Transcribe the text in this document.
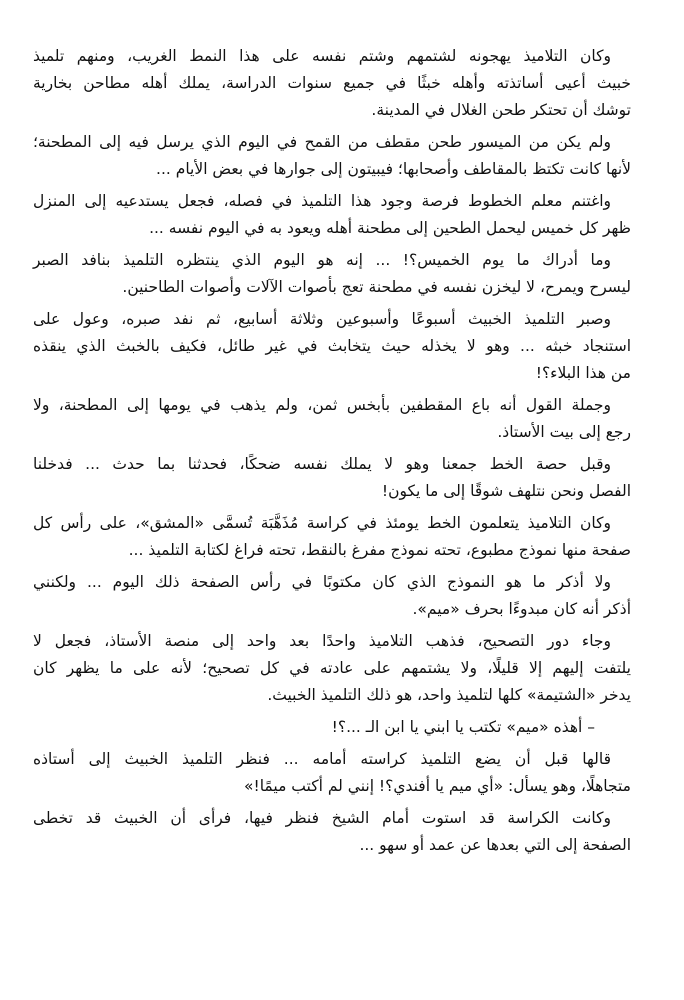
وكان التلاميذ يهجونه لشتمهم وشتم نفسه على هذا النمط الغريب، ومنهم تلميذ
خبيث أعيى أساتذته وأهله خبثًا في جميع سنوات الدراسة، يملك أهله مطاحن بخارية
توشك أن تحتكر طحن الغلال في المدينة.

ولم يكن من الميسور طحن مقطف من القمح في اليوم الذي يرسل فيه إلى المطحنة؛
لأنها كانت تكتظ بالمقاطف وأصحابها؛ فيبيتون إلى جوارها في بعض الأيام ...

واغتنم معلم الخطوط فرصة وجود هذا التلميذ في فصله، فجعل يستدعيه إلى المنزل
ظهر كل خميس ليحمل الطحين إلى مطحنة أهله ويعود به في اليوم نفسه ...

وما أدراك ما يوم الخميس؟! ... إنه هو اليوم الذي ينتظره التلميذ بنافد الصبر
ليسرح ويمرح، لا ليخزن نفسه في مطحنة تعج بأصوات الآلات وأصوات الطاحنين.

وصبر التلميذ الخبيث أسبوعًا وأسبوعين وثلاثة أسابيع، ثم نفد صبره، وعول على
استنجاد خبثه ... وهو لا يخذله حيث يتخابث في غير طائل، فكيف بالخبث الذي ينقذه
من هذا البلاء؟!

وجملة القول أنه باع المقطفين بأبخس ثمن، ولم يذهب في يومها إلى المطحنة، ولا
رجع إلى بيت الأستاذ.

وقبل حصة الخط جمعنا وهو لا يملك نفسه ضحكًا، فحدثنا بما حدث ... فدخلنا
الفصل ونحن نتلهف شوقًا إلى ما يكون!

وكان التلاميذ يتعلمون الخط يومئذ في كراسة مُذَهَّبَة تُسمَّى «المشق»، على رأس كل
صفحة منها نموذج مطبوع، تحته نموذج مفرغ بالنقط، تحته فراغ لكتابة التلميذ ...

ولا أذكر ما هو النموذج الذي كان مكتوبًا في رأس الصفحة ذلك اليوم ... ولكنني
أذكر أنه كان مبدوءًا بحرف «ميم».

وجاء دور التصحيح، فذهب التلاميذ واحدًا بعد واحد إلى منصة الأستاذ، فجعل لا
يلتفت إليهم إلا قليلًا، ولا يشتمهم على عادته في كل تصحيح؛ لأنه على ما يظهر كان
يدخر «الشتيمة» كلها لتلميذ واحد، هو ذلك التلميذ الخبيث.

– أهذه «ميم» تكتب يا ابني يا ابن الـ ...؟!

قالها قبل أن يضع التلميذ كراسته أمامه ... فنظر التلميذ الخبيث إلى أستاذه
متجاهلًا، وهو يسأل: «أي ميم يا أفندي؟! إنني لم أكتب ميمًا!»

وكانت الكراسة قد استوت أمام الشيخ فنظر فيها، فرأى أن الخبيث قد تخطى
الصفحة إلى التي بعدها عن عمد أو سهو ...
